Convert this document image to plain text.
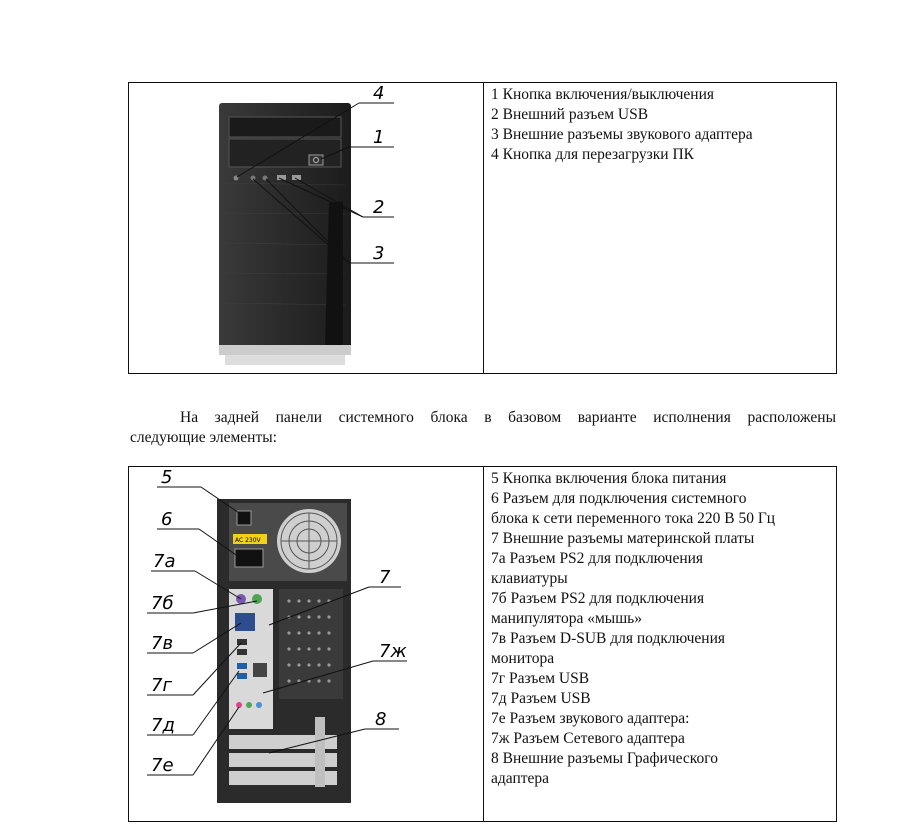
4
1
2
3
1 Кнопка включения/выключения
2 Внешний разъем USB
3 Внешние разъемы звукового адаптера
4 Кнопка для перезагрузки ПК
На задней панели системного блока в базовом варианте исполнения расположены
следующие элементы:
AC 230V
5
6
7а
7б
7в
7г
7д
7е
7
7ж
8
5 Кнопка включения блока питания
6 Разъем для подключения системного
блока к сети переменного тока 220 В 50 Гц
7 Внешние разъемы материнской платы
7а Разъем PS2 для подключения
клавиатуры
7б Разъем PS2 для подключения
манипулятора «мышь»
7в Разъем D-SUB для подключения
монитора
7г Разъем USB
7д Разъем USB
7е Разъем звукового адаптера:
7ж Разъем Сетевого адаптера
8 Внешние разъемы Графического
адаптера
